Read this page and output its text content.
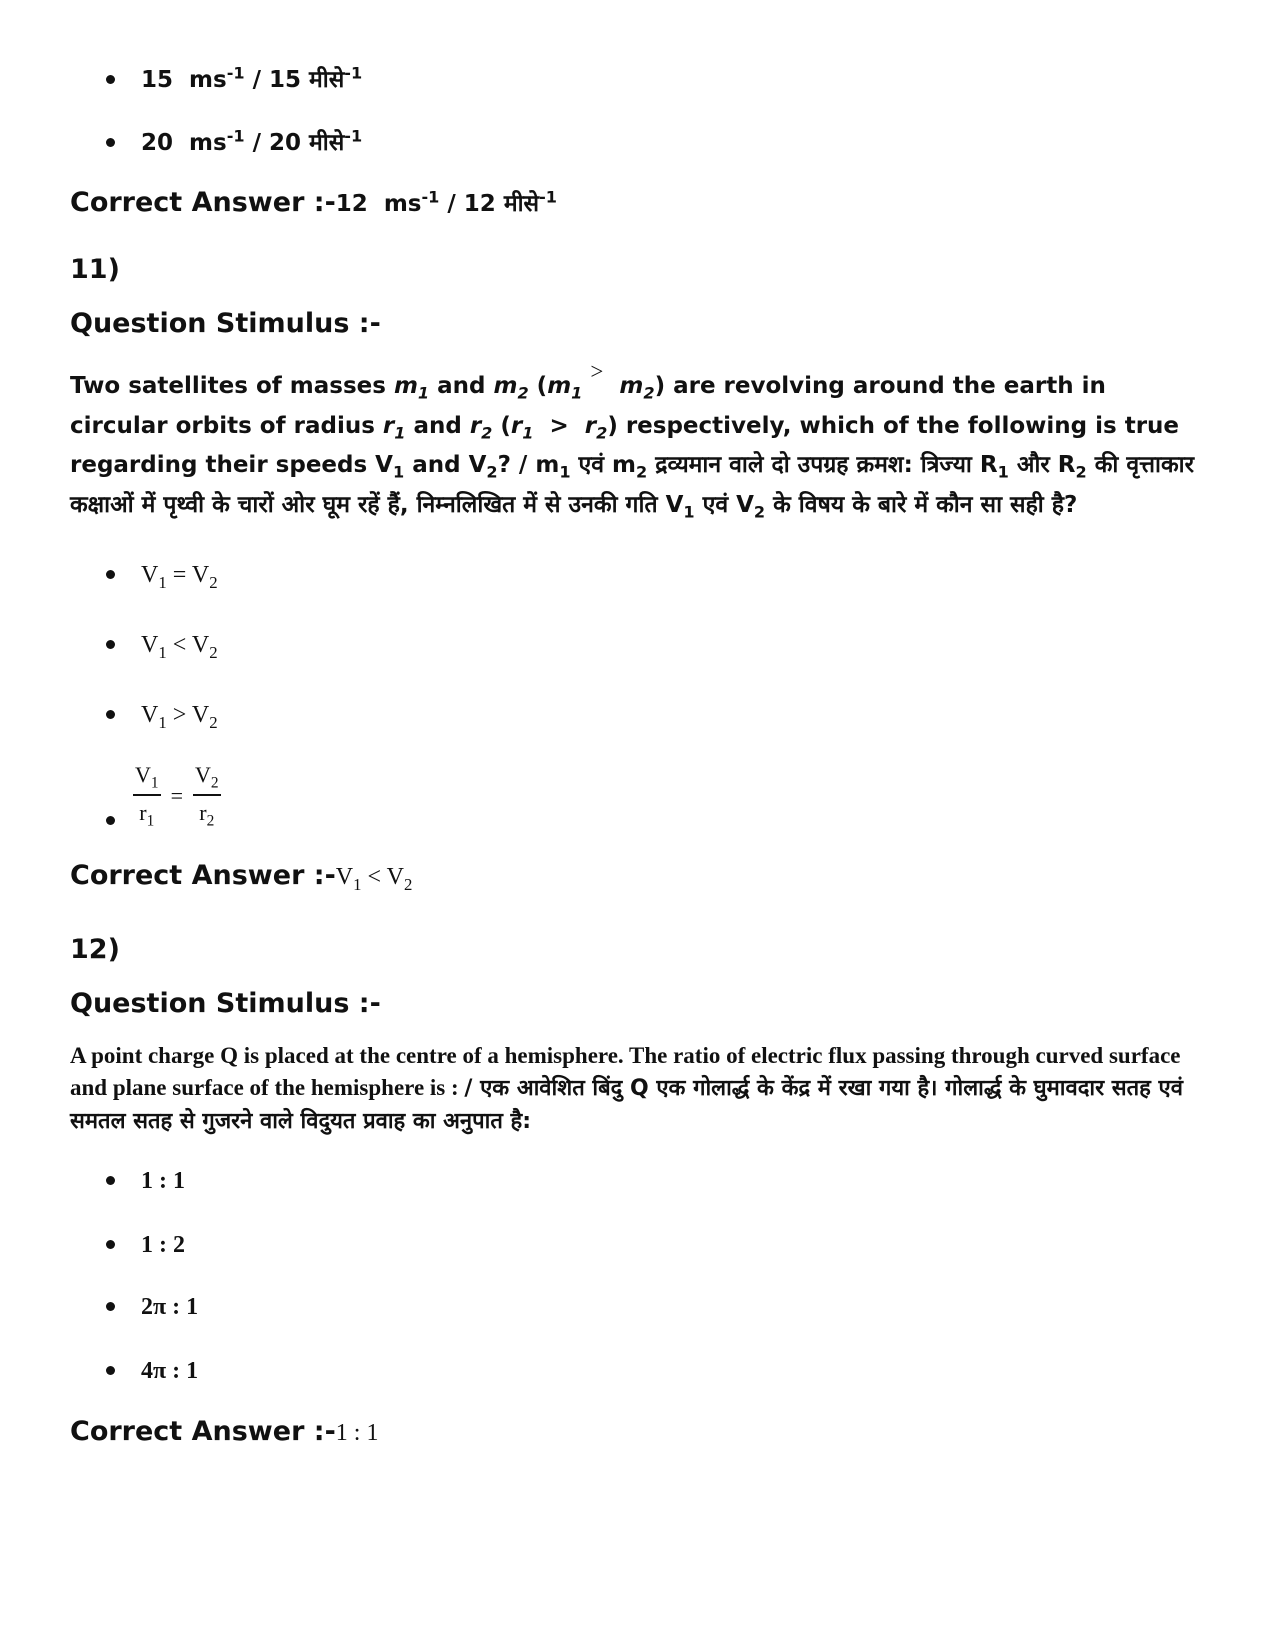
15 $ms^{-1} / 15$ मीसे$^{-1}$
20 $ms^{-1} / 20$ मीसे$^{-1}$
Correct Answer :-12 $ms^{-1} / 12$ मीसे$^{-1}$
11)
Question Stimulus :-
Two satellites of masses $m_1$ and $m_2$ $(m_1 > m_2)$ are revolving around the earth in circular orbits of radius $r_1$ and $r_2$ $(r_1 > r_2)$ respectively, which of the following is true regarding their speeds $V_1$ and $V_2$? / $m_1$ एवं $m_2$ द्रव्यमान वाले दो उपग्रह क्रमश: त्रिज्या $R_1$ और $R_2$ की वृत्ताकार कक्षाओं में पृथ्वी के चारों ओर घूम रहें हैं, निम्नलिखित में से उनकी गति $V_1$ एवं $V_2$ के विषय के बारे में कौन सा सही है?
$V_1 = V_2$
$V_1 < V_2$
$V_1 > V_2$
$\frac{V_1}{r_1} = \frac{V_2}{r_2}$
Correct Answer $:-V_1 < V_2$
12)
Question Stimulus :-
A point charge Q is placed at the centre of a hemisphere. The ratio of electric flux passing through curved surface and plane surface of the hemisphere is : / एक आवेशित बिंदु Q एक गोलार्द्ध के केंद्र में रखा गया है। गोलार्द्ध के घुमावदार सतह एवं समतल सतह से गुजरने वाले विदुयत प्रवाह का अनुपात है:
1 : 1
1 : 2
2π : 1
4π : 1
Correct Answer :-1 : 1
